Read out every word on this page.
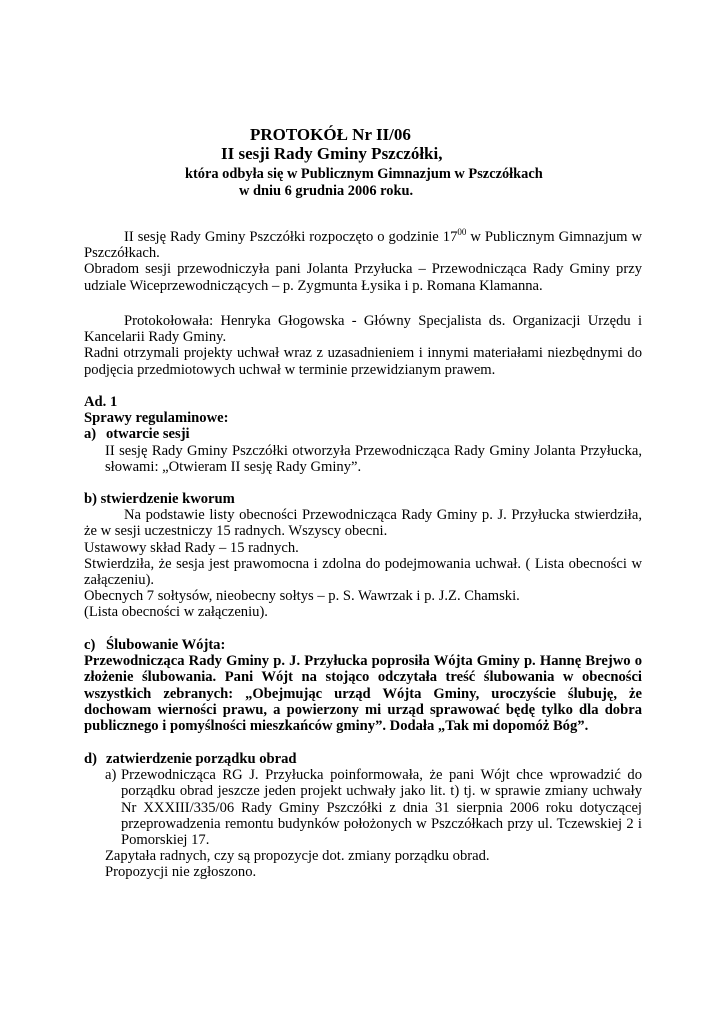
PROTOKÓŁ Nr II/06
II sesji Rady Gminy Pszczółki,
która odbyła się w Publicznym Gimnazjum w Pszczółkach
w dniu 6 grudnia 2006 roku.

II sesję Rady Gminy Pszczółki rozpoczęto o godzinie $17^{00}$ w Publicznym Gimnazjum w Pszczółkach.

Obradom sesji przewodniczyła pani Jolanta Przyłucka – Przewodnicząca Rady Gminy przy udziale Wiceprzewodniczących – p. Zygmunta Łysika i p. Romana Klamanna.

Protokołowała: Henryka Głogowska - Główny Specjalista ds. Organizacji Urzędu i Kancelarii Rady Gminy.

Radni otrzymali projekty uchwał wraz z uzasadnieniem i innymi materiałami niezbędnymi do podjęcia przedmiotowych uchwał w terminie przewidzianym prawem.

Ad. 1

Sprawy regulaminowe:

a) otwarcie sesji

II sesję Rady Gminy Pszczółki otworzyła Przewodnicząca Rady Gminy Jolanta Przyłucka, słowami: „Otwieram II sesję Rady Gminy”.

b) stwierdzenie kworum

Na podstawie listy obecności Przewodnicząca Rady Gminy p. J. Przyłucka stwierdziła, że w sesji uczestniczy 15 radnych. Wszyscy obecni.

Ustawowy skład Rady – 15 radnych.

Stwierdziła, że sesja jest prawomocna i zdolna do podejmowania uchwał. ( Lista obecności w załączeniu).

Obecnych 7 sołtysów, nieobecny sołtys – p. S. Wawrzak i p. J.Z. Chamski.

(Lista obecności w załączeniu).

c) Ślubowanie Wójta:

Przewodnicząca Rady Gminy p. J. Przyłucka poprosiła Wójta Gminy p. Hannę Brejwo o złożenie ślubowania. Pani Wójt na stojąco odczytała treść ślubowania w obecności wszystkich zebranych: „Obejmując urząd Wójta Gminy, uroczyście ślubuję, że dochowam wierności prawu, a powierzony mi urząd sprawować będę tylko dla dobra publicznego i pomyślności mieszkańców gminy”. Dodała „Tak mi dopomóż Bóg”.

d) zatwierdzenie porządku obrad

a) Przewodnicząca RG J. Przyłucka poinformowała, że pani Wójt chce wprowadzić do porządku obrad jeszcze jeden projekt uchwały jako lit. t) tj. w sprawie zmiany uchwały Nr XXXIII/335/06 Rady Gminy Pszczółki z dnia 31 sierpnia 2006 roku dotyczącej przeprowadzenia remontu budynków położonych w Pszczółkach przy ul. Tczewskiej 2 i Pomorskiej 17.

Zapytała radnych, czy są propozycje dot. zmiany porządku obrad.

Propozycji nie zgłoszono.
